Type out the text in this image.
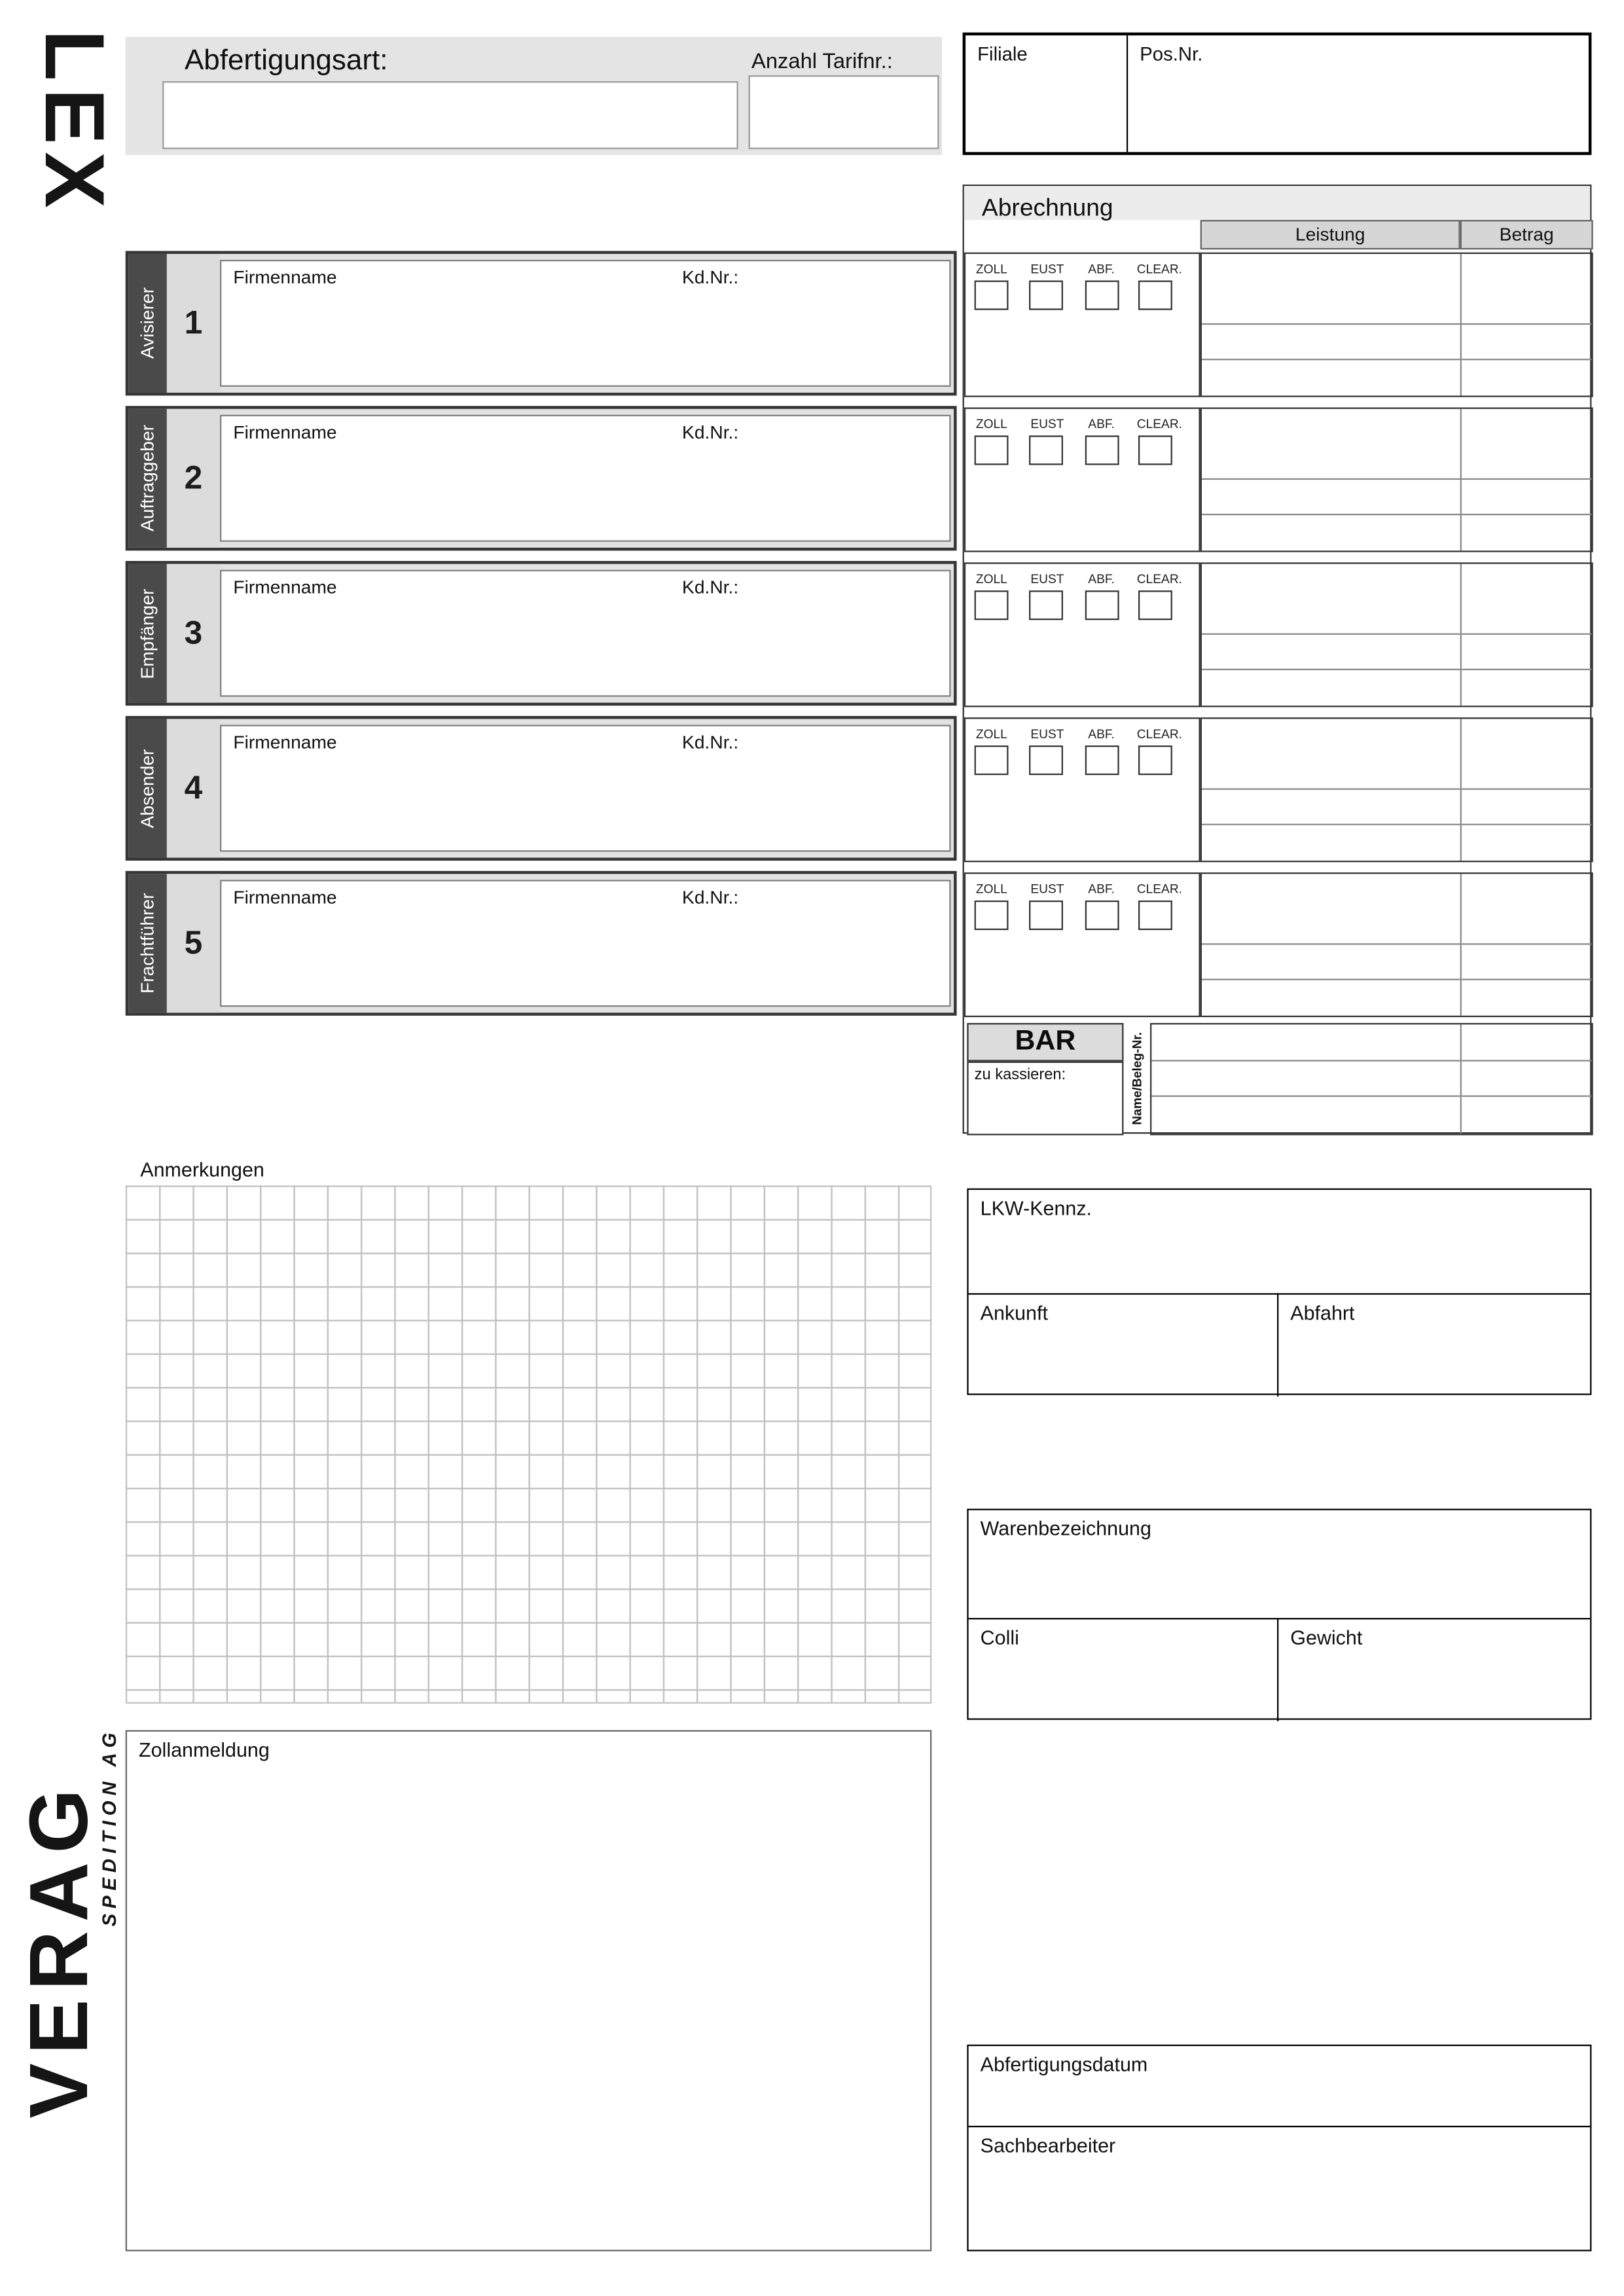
LEX	Abfertigungsart:	Anzahl Tarifnr.:	Filiale	Pos.Nr.
Avisierer	1
Firmenname	Kd.Nr.:
Auftraggeber	2
Firmenname	Kd.Nr.:
Empfänger	3
Firmenname	Kd.Nr.:
Absender	4
Firmenname	Kd.Nr.:
Frachtführer	5
Firmenname	Kd.Nr.:
Abrechnung
Leistung	Betrag
ZOLL	EUST	ABF.	CLEAR.
ZOLL	EUST	ABF.	CLEAR.
ZOLL	EUST	ABF.	CLEAR.
ZOLL	EUST	ABF.	CLEAR.
ZOLL	EUST	ABF.	CLEAR.
BAR
zu kassieren:	Name/Beleg-Nr.
Anmerkungen
LKW-Kennz.
Ankunft	Abfahrt
Warenbezeichnung
Colli	Gewicht
VERAG
SPEDITION AG	Zollanmeldung
Abfertigungsdatum
Sachbearbeiter
